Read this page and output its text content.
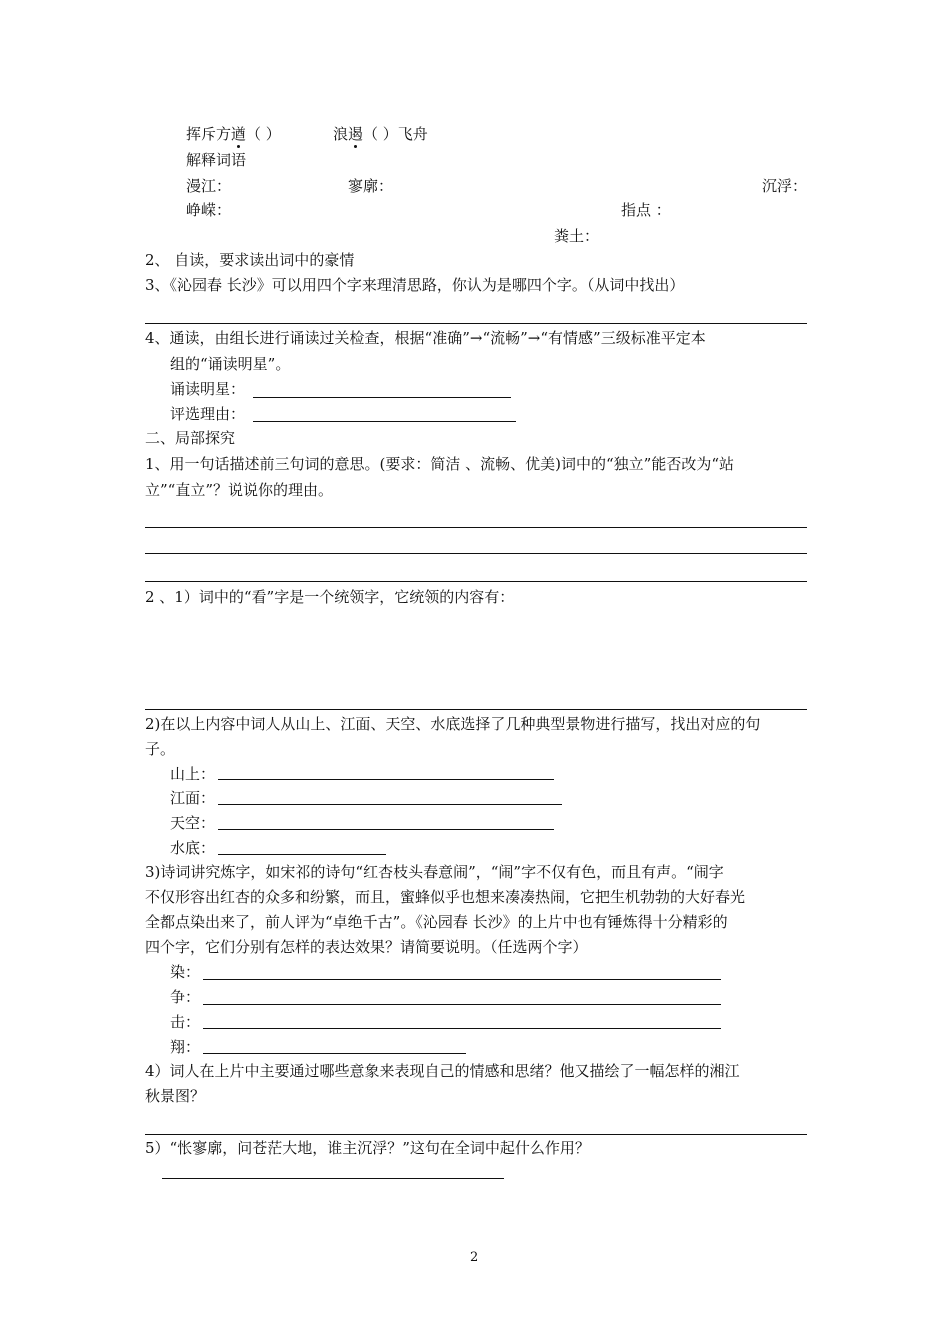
挥斥方遒（ ）	浪遏（ ）飞舟
解释词语
漫江：	寥廓：	沉浮：
峥嵘：	指点 ：
粪土：
2、 自读，要求读出词中的豪情
3、《沁园春 长沙》可以用四个字来理清思路，你认为是哪四个字。（从词中找出）
4、通读，由组长进行诵读过关检查，根据“准确”→“流畅”→“有情感”三级标准平定本
组的“诵读明星”。
诵读明星：
评选理由：
二、局部探究
1、用一句话描述前三句词的意思。(要求：简洁 、流畅、优美)词中的“独立”能否改为“站
立”“直立”？说说你的理由。
2 、1）词中的“看”字是一个统领字，它统领的内容有：
2)在以上内容中词人从山上、江面、天空、水底选择了几种典型景物进行描写，找出对应的句
子。
山上：
江面：
天空：
水底：
3)诗词讲究炼字，如宋祁的诗句“红杏枝头春意闹”，“闹”字不仅有色，而且有声。“闹字
不仅形容出红杏的众多和纷繁，而且，蜜蜂似乎也想来凑凑热闹，它把生机勃勃的大好春光
全都点染出来了，前人评为“卓绝千古”。《沁园春 长沙》的上片中也有锤炼得十分精彩的
四个字，它们分别有怎样的表达效果？请简要说明。（任选两个字）
染：
争：
击：
翔：
4）词人在上片中主要通过哪些意象来表现自己的情感和思绪？他又描绘了一幅怎样的湘江
秋景图？
5）“怅寥廓，问苍茫大地，谁主沉浮？”这句在全词中起什么作用？
2
